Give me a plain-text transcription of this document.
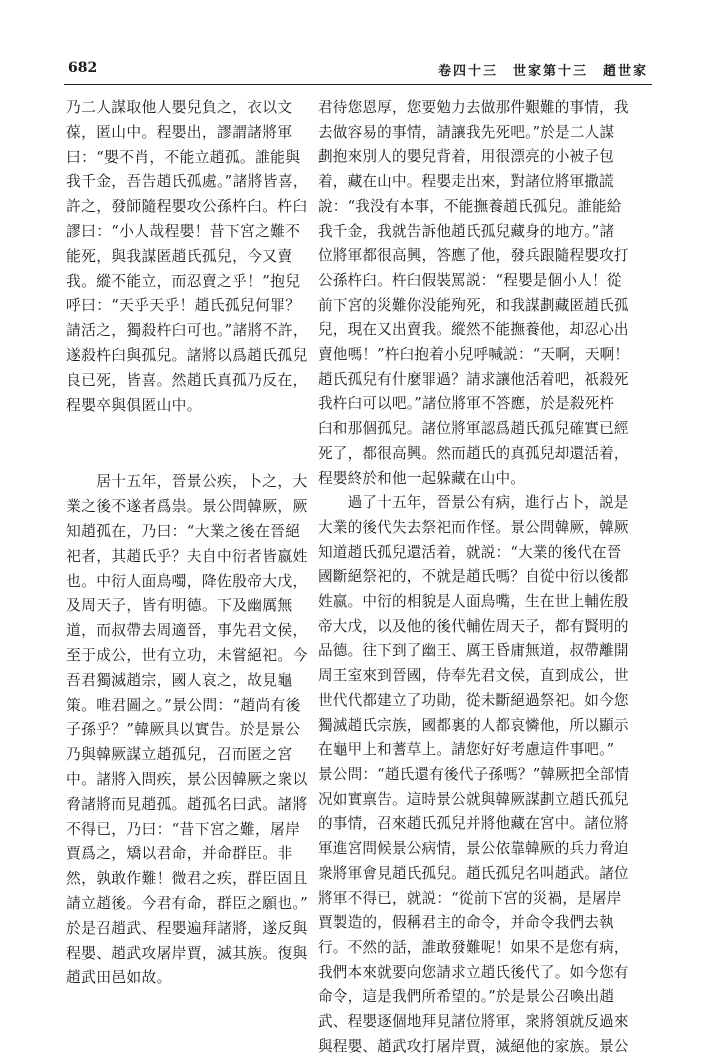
682	卷四十三　世家第十三　趙世家

乃二人謀取他人嬰兒負之，衣以文

葆，匿山中。程嬰出，謬謂諸將軍

曰：“嬰不肖，不能立趙孤。誰能與

我千金，吾告趙氏孤處。”諸將皆喜，

許之，發師隨程嬰攻公孫杵臼。杵臼

謬曰：“小人哉程嬰！昔下宮之難不

能死，與我謀匿趙氏孤兒，今又賣

我。縱不能立，而忍賣之乎！”抱兒

呼曰：“天乎天乎！趙氏孤兒何罪？

請活之，獨殺杵臼可也。”諸將不許，

遂殺杵臼與孤兒。諸將以爲趙氏孤兒

良已死，皆喜。然趙氏真孤乃反在，

程嬰卒與俱匿山中。

　　居十五年，晉景公疾，卜之，大

業之後不遂者爲祟。景公問韓厥，厥

知趙孤在，乃曰：“大業之後在晉絕

祀者，其趙氏乎？夫自中衍者皆嬴姓

也。中衍人面鳥噣，降佐殷帝大戊，

及周天子，皆有明德。下及幽厲無

道，而叔帶去周適晉，事先君文侯，

至于成公，世有立功，未嘗絕祀。今

吾君獨滅趙宗，國人哀之，故見龜

策。唯君圖之。”景公問：“趙尚有後

子孫乎？”韓厥具以實告。於是景公

乃與韓厥謀立趙孤兒，召而匿之宮

中。諸將入問疾，景公因韓厥之衆以

脅諸將而見趙孤。趙孤名曰武。諸將

不得已，乃曰：“昔下宮之難，屠岸

賈爲之，矯以君命，并命群臣。非

然，孰敢作難！微君之疾，群臣固且

請立趙後。今君有命，群臣之願也。”

於是召趙武、程嬰遍拜諸將，遂反與

程嬰、趙武攻屠岸賈，滅其族。復與

趙武田邑如故。

君待您恩厚，您要勉力去做那件艱難的事情，我

去做容易的事情，請讓我先死吧。”於是二人謀

劃抱來別人的嬰兒背着，用很漂亮的小被子包

着，藏在山中。程嬰走出來，對諸位將軍撒謊

說：“我没有本事，不能撫養趙氏孤兒。誰能給

我千金，我就告訴他趙氏孤兒藏身的地方。”諸

位將軍都很高興，答應了他，發兵跟隨程嬰攻打

公孫杵臼。杵臼假裝罵説：“程嬰是個小人！從

前下宮的災難你没能殉死，和我謀劃藏匿趙氏孤

兒，現在又出賣我。縱然不能撫養他，却忍心出

賣他嗎！”杵臼抱着小兒呼喊説：“天啊，天啊！

趙氏孤兒有什麼罪過？請求讓他活着吧，祇殺死

我杵臼可以吧。”諸位將軍不答應，於是殺死杵

臼和那個孤兒。諸位將軍認爲趙氏孤兒確實已經

死了，都很高興。然而趙氏的真孤兒却還活着，

程嬰終於和他一起躲藏在山中。

　　過了十五年，晉景公有病，進行占卜，説是

大業的後代失去祭祀而作怪。景公問韓厥，韓厥

知道趙氏孤兒還活着，就説：“大業的後代在晉

國斷絕祭祀的，不就是趙氏嗎？自從中衍以後都

姓嬴。中衍的相貌是人面鳥嘴，生在世上輔佐殷

帝大戊，以及他的後代輔佐周天子，都有賢明的

品德。往下到了幽王、厲王昏庸無道，叔帶離開

周王室來到晉國，侍奉先君文侯，直到成公，世

世代代都建立了功勛，從未斷絕過祭祀。如今您

獨滅趙氏宗族，國都裏的人都哀憐他，所以顯示

在龜甲上和蓍草上。請您好好考慮這件事吧。”

景公問：“趙氏還有後代子孫嗎？”韓厥把全部情

况如實禀告。這時景公就與韓厥謀劃立趙氏孤兒

的事情，召來趙氏孤兒并將他藏在宮中。諸位將

軍進宮問候景公病情，景公依靠韓厥的兵力脅迫

衆將軍會見趙氏孤兒。趙氏孤兒名叫趙武。諸位

將軍不得已，就説：“從前下宮的災禍，是屠岸

賈製造的，假稱君主的命令，并命令我們去執

行。不然的話，誰敢發難呢！如果不是您有病，

我們本來就要向您請求立趙氏後代了。如今您有

命令，這是我們所希望的。”於是景公召喚出趙

武、程嬰逐個地拜見諸位將軍，衆將領就反過來

與程嬰、趙武攻打屠岸賈，滅絕他的家族。景公
